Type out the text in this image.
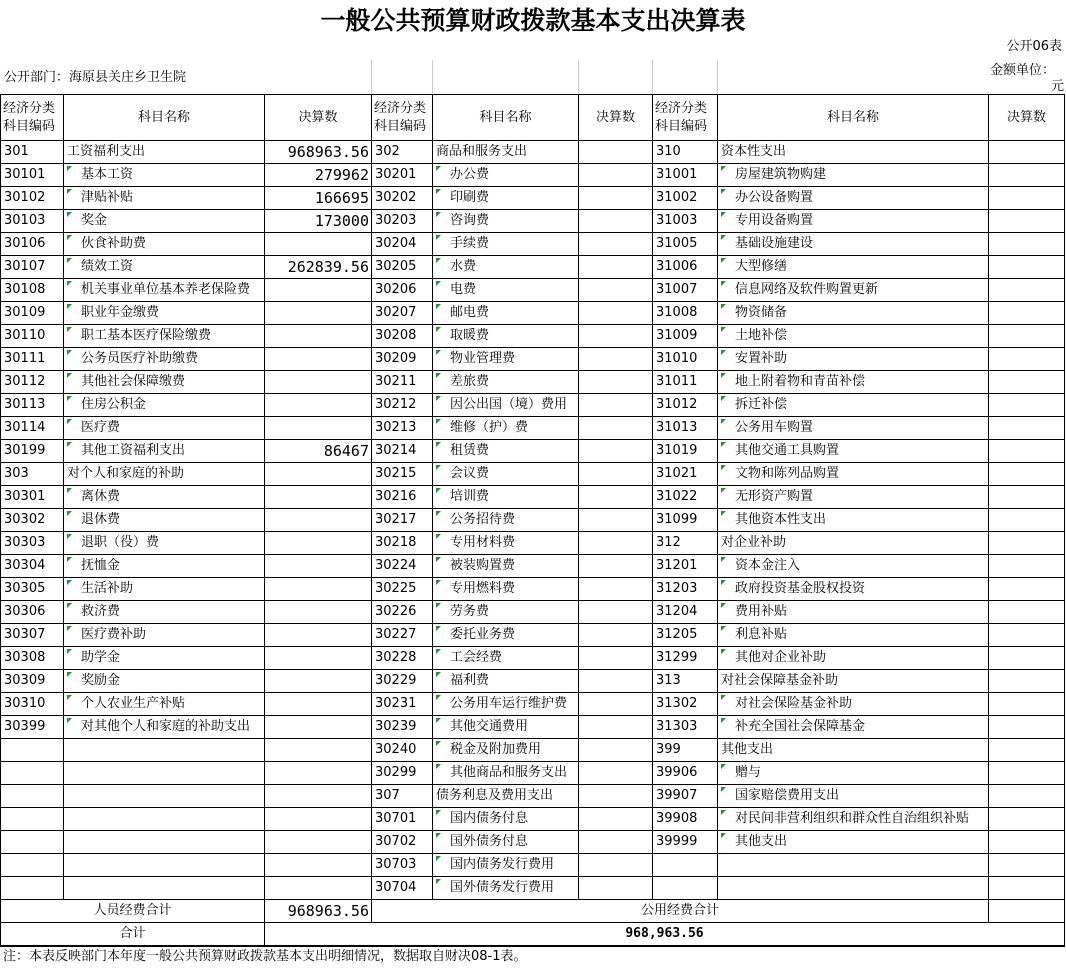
一般公共预算财政拨款基本支出决算表
公开06表
公开部门：海原县关庄乡卫生院	金额单位：
元
经济分类科目编码	科目名称	决算数	经济分类科目编码	科目名称	决算数	经济分类科目编码	科目名称	决算数
301	工资福利支出	968963.56	302	商品和服务支出		310	资本性支出	
30101	基本工资	279962	30201	办公费		31001	房屋建筑物购建	
30102	津贴补贴	166695	30202	印刷费		31002	办公设备购置	
30103	奖金	173000	30203	咨询费		31003	专用设备购置	
30106	伙食补助费		30204	手续费		31005	基础设施建设	
30107	绩效工资	262839.56	30205	水费		31006	大型修缮	
30108	机关事业单位基本养老保险费		30206	电费		31007	信息网络及软件购置更新	
30109	职业年金缴费		30207	邮电费		31008	物资储备	
30110	职工基本医疗保险缴费		30208	取暖费		31009	土地补偿	
30111	公务员医疗补助缴费		30209	物业管理费		31010	安置补助	
30112	其他社会保障缴费		30211	差旅费		31011	地上附着物和青苗补偿	
30113	住房公积金		30212	因公出国（境）费用		31012	拆迁补偿	
30114	医疗费		30213	维修（护）费		31013	公务用车购置	
30199	其他工资福利支出	86467	30214	租赁费		31019	其他交通工具购置	
303	对个人和家庭的补助		30215	会议费		31021	文物和陈列品购置	
30301	离休费		30216	培训费		31022	无形资产购置	
30302	退休费		30217	公务招待费		31099	其他资本性支出	
30303	退职（役）费		30218	专用材料费		312	对企业补助	
30304	抚恤金		30224	被装购置费		31201	资本金注入	
30305	生活补助		30225	专用燃料费		31203	政府投资基金股权投资	
30306	救济费		30226	劳务费		31204	费用补贴	
30307	医疗费补助		30227	委托业务费		31205	利息补贴	
30308	助学金		30228	工会经费		31299	其他对企业补助	
30309	奖励金		30229	福利费		313	对社会保障基金补助	
30310	个人农业生产补贴		30231	公务用车运行维护费		31302	对社会保险基金补助	
30399	对其他个人和家庭的补助支出		30239	其他交通费用		31303	补充全国社会保障基金	
			30240	税金及附加费用		399	其他支出	
			30299	其他商品和服务支出		39906	赠与	
			307	债务利息及费用支出		39907	国家赔偿费用支出	
			30701	国内债务付息		39908	对民间非营利组织和群众性自治组织补贴	
			30702	国外债务付息		39999	其他支出	
			30703	国内债务发行费用				
			30704	国外债务发行费用				
人员经费合计		968963.56	公用经费合计					
合计		968,963.56						
注：本表反映部门本年度一般公共预算财政拨款基本支出明细情况，数据取自财决08-1表。
